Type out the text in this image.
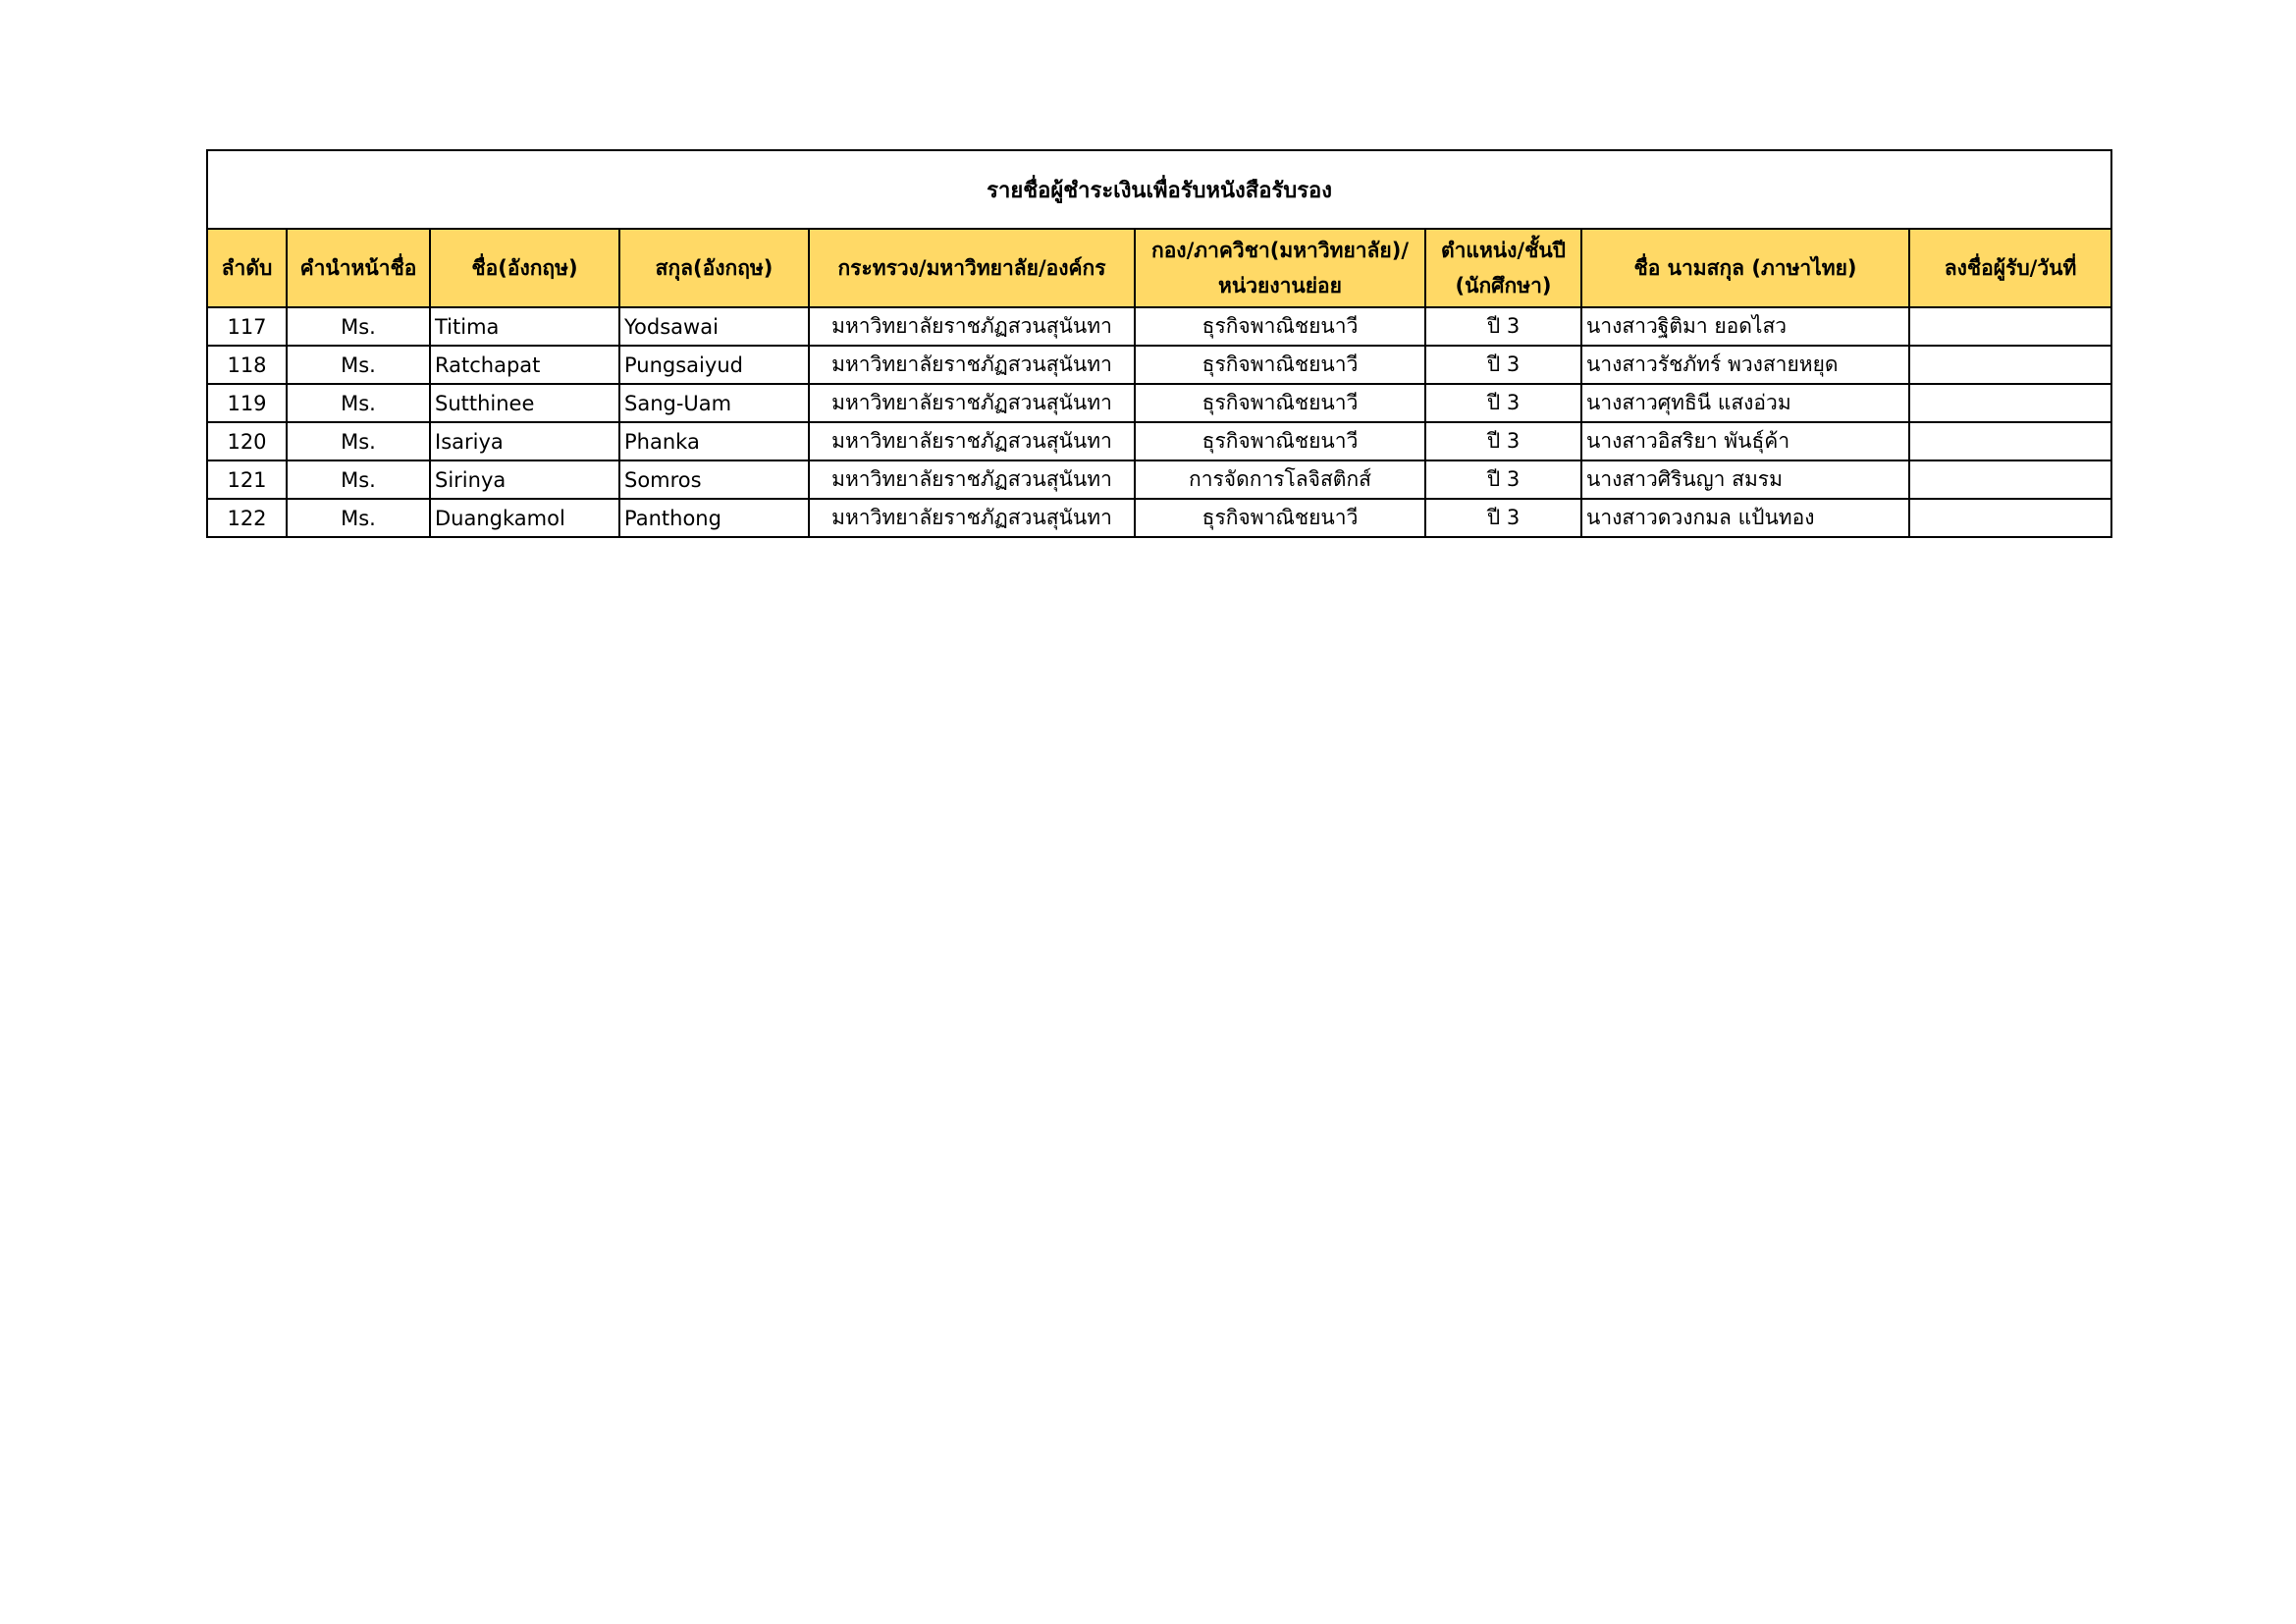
รายชื่อผู้ชำระเงินเพื่อรับหนังสือรับรอง								
ลำดับ	คำนำหน้าชื่อ	ชื่อ(อังกฤษ)	สกุล(อังกฤษ)	กระทรวง/มหาวิทยาลัย/องค์กร	กอง/ภาควิชา(มหาวิทยาลัย)/หน่วยงานย่อย	ตำแหน่ง/ชั้นปี (นักศึกษา)	ชื่อ นามสกุล (ภาษาไทย)	ลงชื่อผู้รับ/วันที่
117	Ms.	Titima	Yodsawai	มหาวิทยาลัยราชภัฏสวนสุนันทา	ธุรกิจพาณิชยนาวี	ปี 3	นางสาวฐิติมา ยอดไสว	
118	Ms.	Ratchapat	Pungsaiyud	มหาวิทยาลัยราชภัฏสวนสุนันทา	ธุรกิจพาณิชยนาวี	ปี 3	นางสาวรัชภัทร์ พวงสายหยุด	
119	Ms.	Sutthinee	Sang-Uam	มหาวิทยาลัยราชภัฏสวนสุนันทา	ธุรกิจพาณิชยนาวี	ปี 3	นางสาวศุทธินี แสงอ่วม	
120	Ms.	Isariya	Phanka	มหาวิทยาลัยราชภัฏสวนสุนันทา	ธุรกิจพาณิชยนาวี	ปี 3	นางสาวอิสริยา พันธุ์ค้า	
121	Ms.	Sirinya	Somros	มหาวิทยาลัยราชภัฏสวนสุนันทา	การจัดการโลจิสติกส์	ปี 3	นางสาวศิรินญา สมรม	
122	Ms.	Duangkamol	Panthong	มหาวิทยาลัยราชภัฏสวนสุนันทา	ธุรกิจพาณิชยนาวี	ปี 3	นางสาวดวงกมล แป้นทอง	
